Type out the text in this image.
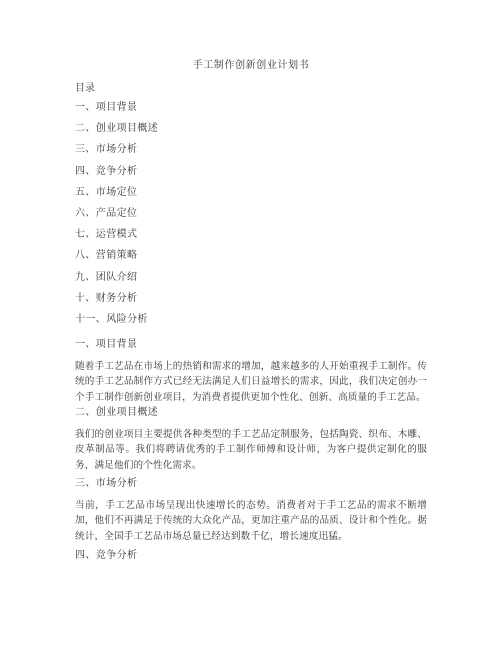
手工制作创新创业计划书
目录
一、项目背景
二、创业项目概述
三、市场分析
四、竞争分析
五、市场定位
六、产品定位
七、运营模式
八、营销策略
九、团队介绍
十、财务分析
十一、风险分析
一、项目背景
随着手工艺品在市场上的热销和需求的增加，越来越多的人开始重视手工制作。传统的手工艺品制作方式已经无法满足人们日益增长的需求，因此，我们决定创办一个手工制作创新创业项目，为消费者提供更加个性化、创新、高质量的手工艺品。
二、创业项目概述
我们的创业项目主要提供各种类型的手工艺品定制服务，包括陶瓷、织布、木雕、皮革制品等。我们将聘请优秀的手工制作师傅和设计师，为客户提供定制化的服务，满足他们的个性化需求。
三、市场分析
当前，手工艺品市场呈现出快速增长的态势。消费者对于手工艺品的需求不断增加，他们不再满足于传统的大众化产品，更加注重产品的品质、设计和个性化。据统计，全国手工艺品市场总量已经达到数千亿，增长速度迅猛。
四、竞争分析
